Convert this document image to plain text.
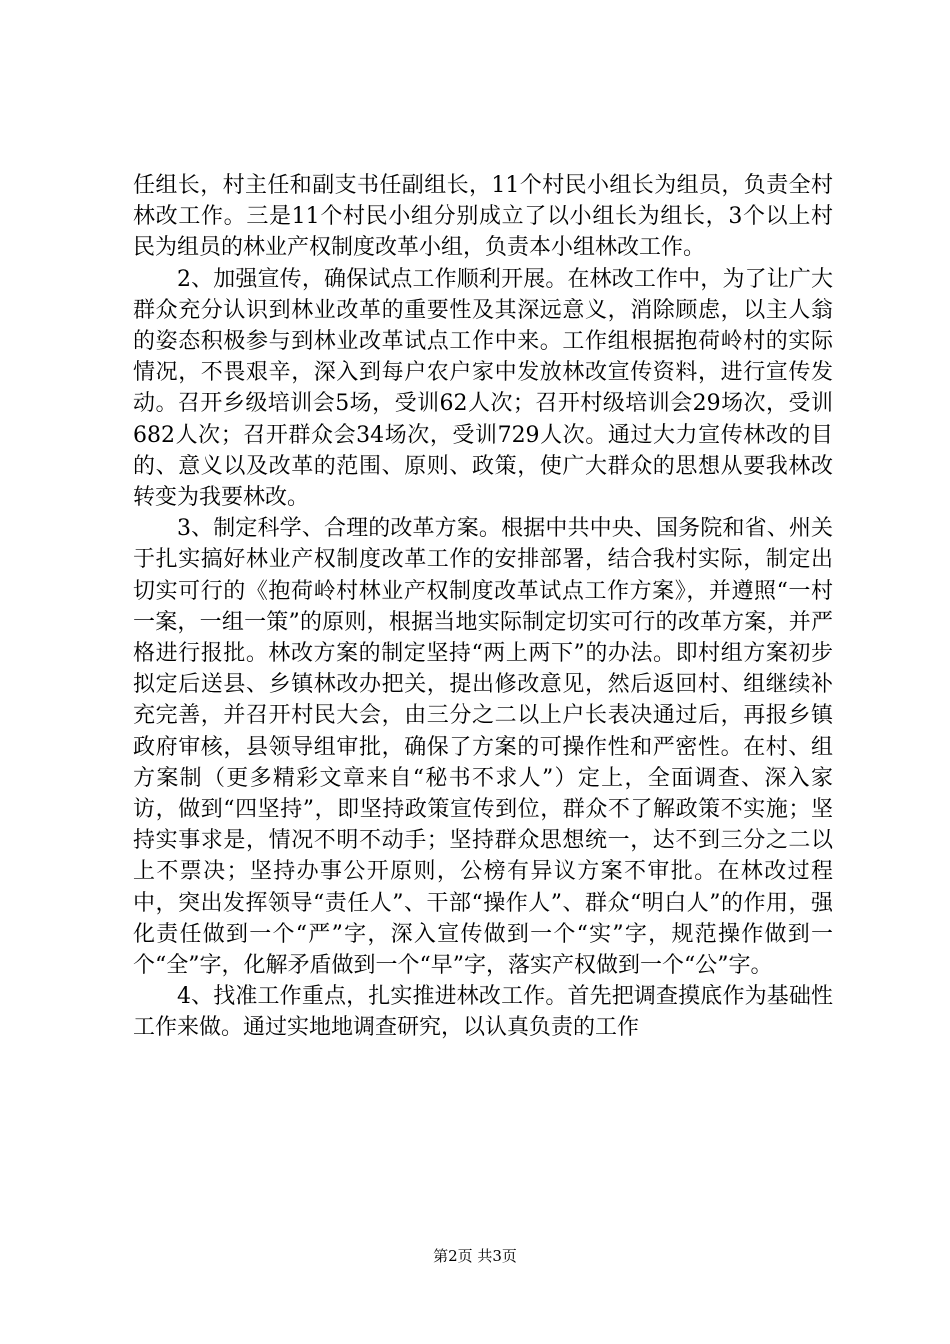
任组长，村主任和副支书任副组长，11个村民小组长为组员，负责全村林改工作。三是11个村民小组分别成立了以小组长为组长，3个以上村民为组员的林业产权制度改革小组，负责本小组林改工作。

2、加强宣传，确保试点工作顺利开展。在林改工作中，为了让广大群众充分认识到林业改革的重要性及其深远意义，消除顾虑，以主人翁的姿态积极参与到林业改革试点工作中来。工作组根据抱荷岭村的实际情况，不畏艰辛，深入到每户农户家中发放林改宣传资料，进行宣传发动。召开乡级培训会5场，受训62人次；召开村级培训会29场次，受训682人次；召开群众会34场次，受训729人次。通过大力宣传林改的目的、意义以及改革的范围、原则、政策，使广大群众的思想从要我林改转变为我要林改。

3、制定科学、合理的改革方案。根据中共中央、国务院和省、州关于扎实搞好林业产权制度改革工作的安排部署，结合我村实际，制定出切实可行的《抱荷岭村林业产权制度改革试点工作方案》，并遵照“一村一案，一组一策”的原则，根据当地实际制定切实可行的改革方案，并严格进行报批。林改方案的制定坚持“两上两下”的办法。即村组方案初步拟定后送县、乡镇林改办把关，提出修改意见，然后返回村、组继续补充完善，并召开村民大会，由三分之二以上户长表决通过后，再报乡镇政府审核，县领导组审批，确保了方案的可操作性和严密性。在村、组方案制（更多精彩文章来自“秘书不求人”）定上，全面调查、深入家访，做到“四坚持”，即坚持政策宣传到位，群众不了解政策不实施；坚持实事求是，情况不明不动手；坚持群众思想统一，达不到三分之二以上不票决；坚持办事公开原则，公榜有异议方案不审批。在林改过程中，突出发挥领导“责任人”、干部“操作人”、群众“明白人”的作用，强化责任做到一个“严”字，深入宣传做到一个“实”字，规范操作做到一个“全”字，化解矛盾做到一个“早”字，落实产权做到一个“公”字。

4、找准工作重点，扎实推进林改工作。首先把调查摸底作为基础性工作来做。通过实地地调查研究，以认真负责的工作

第2页 共3页
